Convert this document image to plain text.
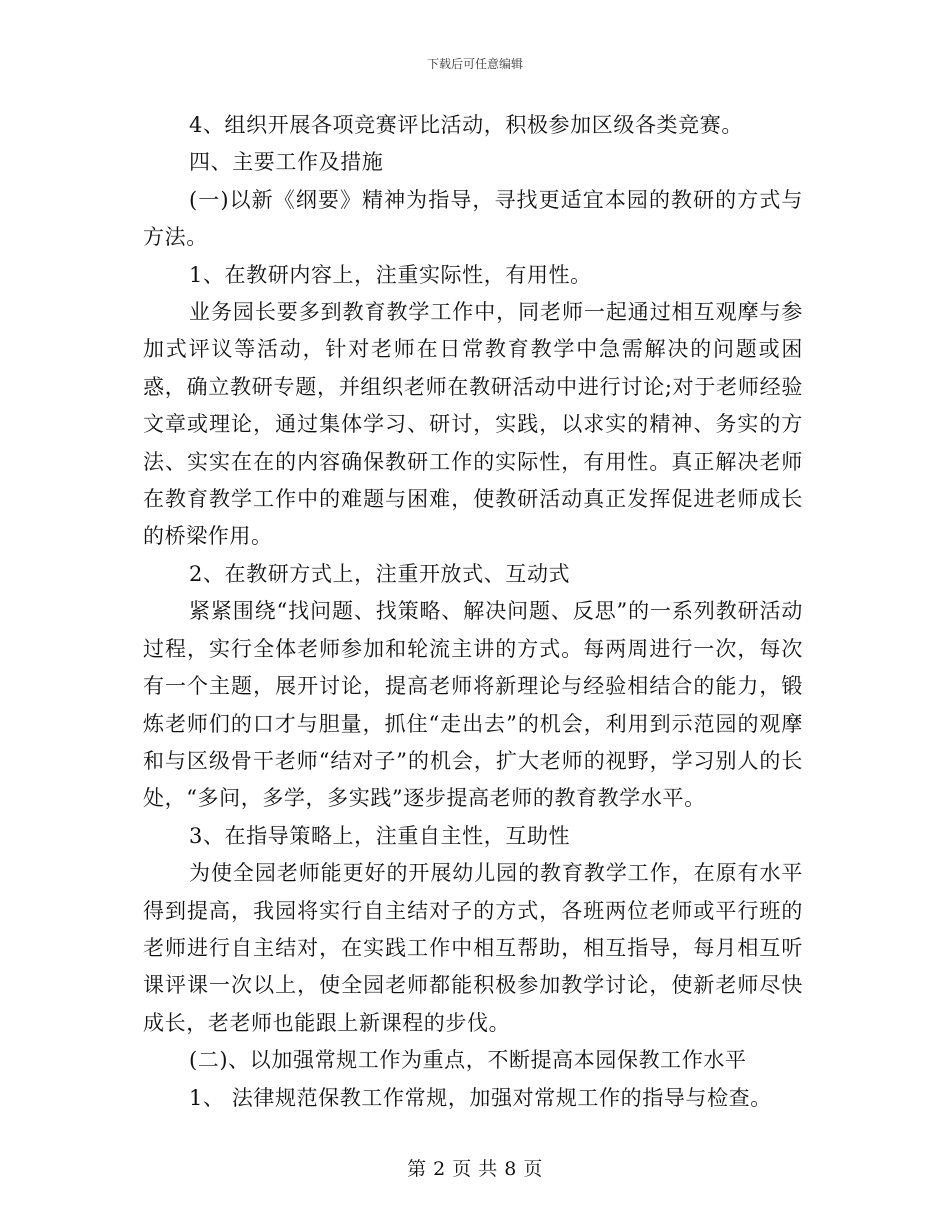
下载后可任意编辑

4、组织开展各项竞赛评比活动，积极参加区级各类竞赛。

四、主要工作及措施

(一)以新《纲要》精神为指导，寻找更适宜本园的教研的方式与方法。

1、在教研内容上，注重实际性，有用性。

业务园长要多到教育教学工作中，同老师一起通过相互观摩与参加式评议等活动，针对老师在日常教育教学中急需解决的问题或困惑，确立教研专题，并组织老师在教研活动中进行讨论;对于老师经验文章或理论，通过集体学习、研讨，实践，以求实的精神、务实的方法、实实在在的内容确保教研工作的实际性，有用性。真正解决老师在教育教学工作中的难题与困难，使教研活动真正发挥促进老师成长的桥梁作用。

2、在教研方式上，注重开放式、互动式

紧紧围绕“找问题、找策略、解决问题、反思”的一系列教研活动过程，实行全体老师参加和轮流主讲的方式。每两周进行一次，每次有一个主题，展开讨论，提高老师将新理论与经验相结合的能力，锻炼老师们的口才与胆量，抓住“走出去”的机会，利用到示范园的观摩和与区级骨干老师“结对子”的机会，扩大老师的视野，学习别人的长处，“多问，多学，多实践”逐步提高老师的教育教学水平。

3、在指导策略上，注重自主性，互助性

为使全园老师能更好的开展幼儿园的教育教学工作，在原有水平得到提高，我园将实行自主结对子的方式，各班两位老师或平行班的老师进行自主结对，在实践工作中相互帮助，相互指导，每月相互听课评课一次以上，使全园老师都能积极参加教学讨论，使新老师尽快成长，老老师也能跟上新课程的步伐。

(二)、以加强常规工作为重点，不断提高本园保教工作水平

1、 法律规范保教工作常规，加强对常规工作的指导与检查。

第 2 页 共 8 页
